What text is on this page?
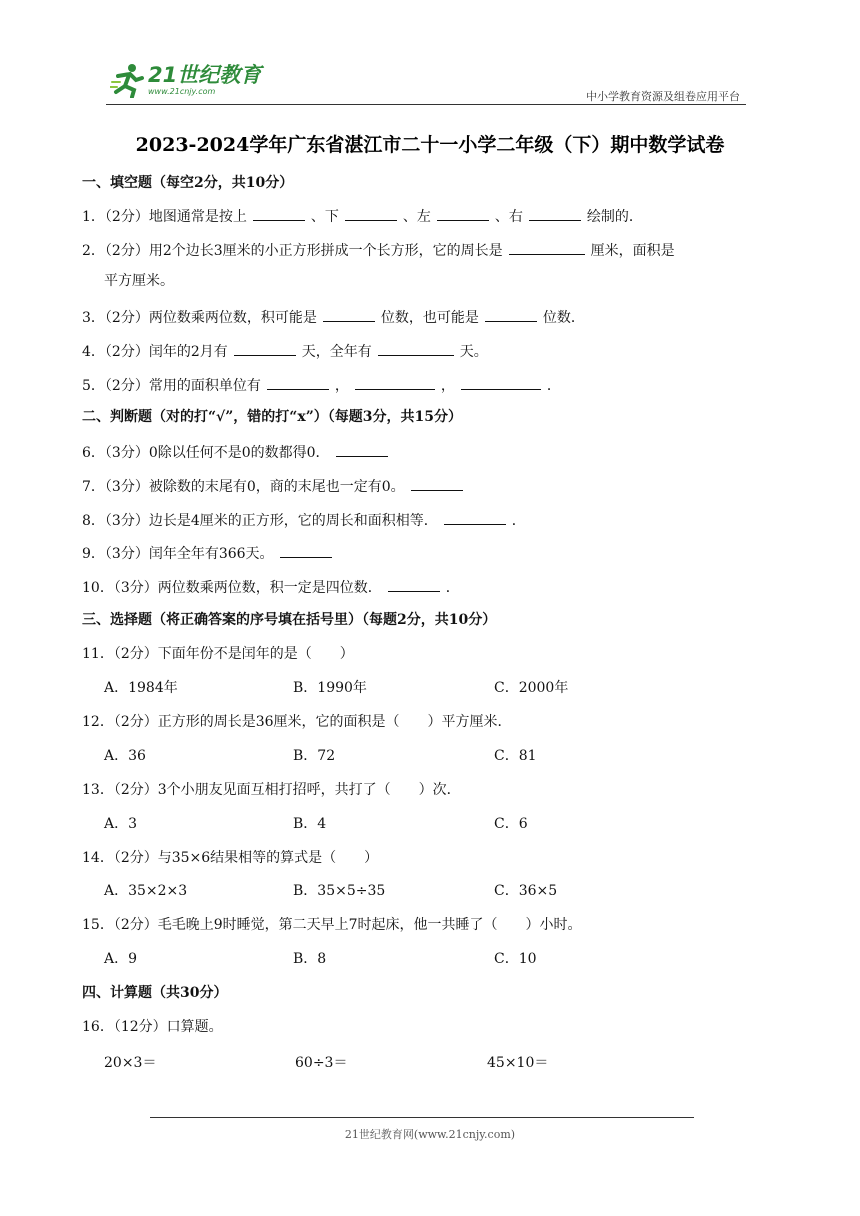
21世纪教育
www.21cnjy.com	中小学教育资源及组卷应用平台
2023-2024学年广东省湛江市二十一小学二年级（下）期中数学试卷
一、填空题（每空2分，共10分）
1．（2分）地图通常是按上	、下	、左	、右	绘制的．
2．（2分）用2个边长3厘米的小正方形拼成一个长方形，它的周长是	厘米，面积是
平方厘米。
3．（2分）两位数乘两位数，积可能是	位数，也可能是	位数．
4．（2分）闰年的2月有	天，全年有	天。
5．（2分）常用的面积单位有	，	，	．
二、判断题（对的打“√”，错的打“x”）（每题3分，共15分）
6．（3分）0除以任何不是0的数都得0．
7．（3分）被除数的末尾有0，商的末尾也一定有0。
8．（3分）边长是4厘米的正方形，它的周长和面积相等．	．
9．（3分）闰年全年有366天。
10．（3分）两位数乘两位数，积一定是四位数．	．
三、选择题（将正确答案的序号填在括号里）（每题2分，共10分）
11．（2分）下面年份不是闰年的是（　　）
A．1984年	B．1990年	C．2000年
12．（2分）正方形的周长是36厘米，它的面积是（　　）平方厘米．
A．36	B．72	C．81
13．（2分）3个小朋友见面互相打招呼，共打了（　　）次．
A．3	B．4	C．6
14．（2分）与35×6结果相等的算式是（　　）
A．35×2×3	B．35×5÷35	C．36×5
15．（2分）毛毛晚上9时睡觉，第二天早上7时起床，他一共睡了（　　）小时。
A．9	B．8	C．10
四、计算题（共30分）
16．（12分）口算题。
20×3＝	60÷3＝	45×10＝
21世纪教育网(www.21cnjy.com)
